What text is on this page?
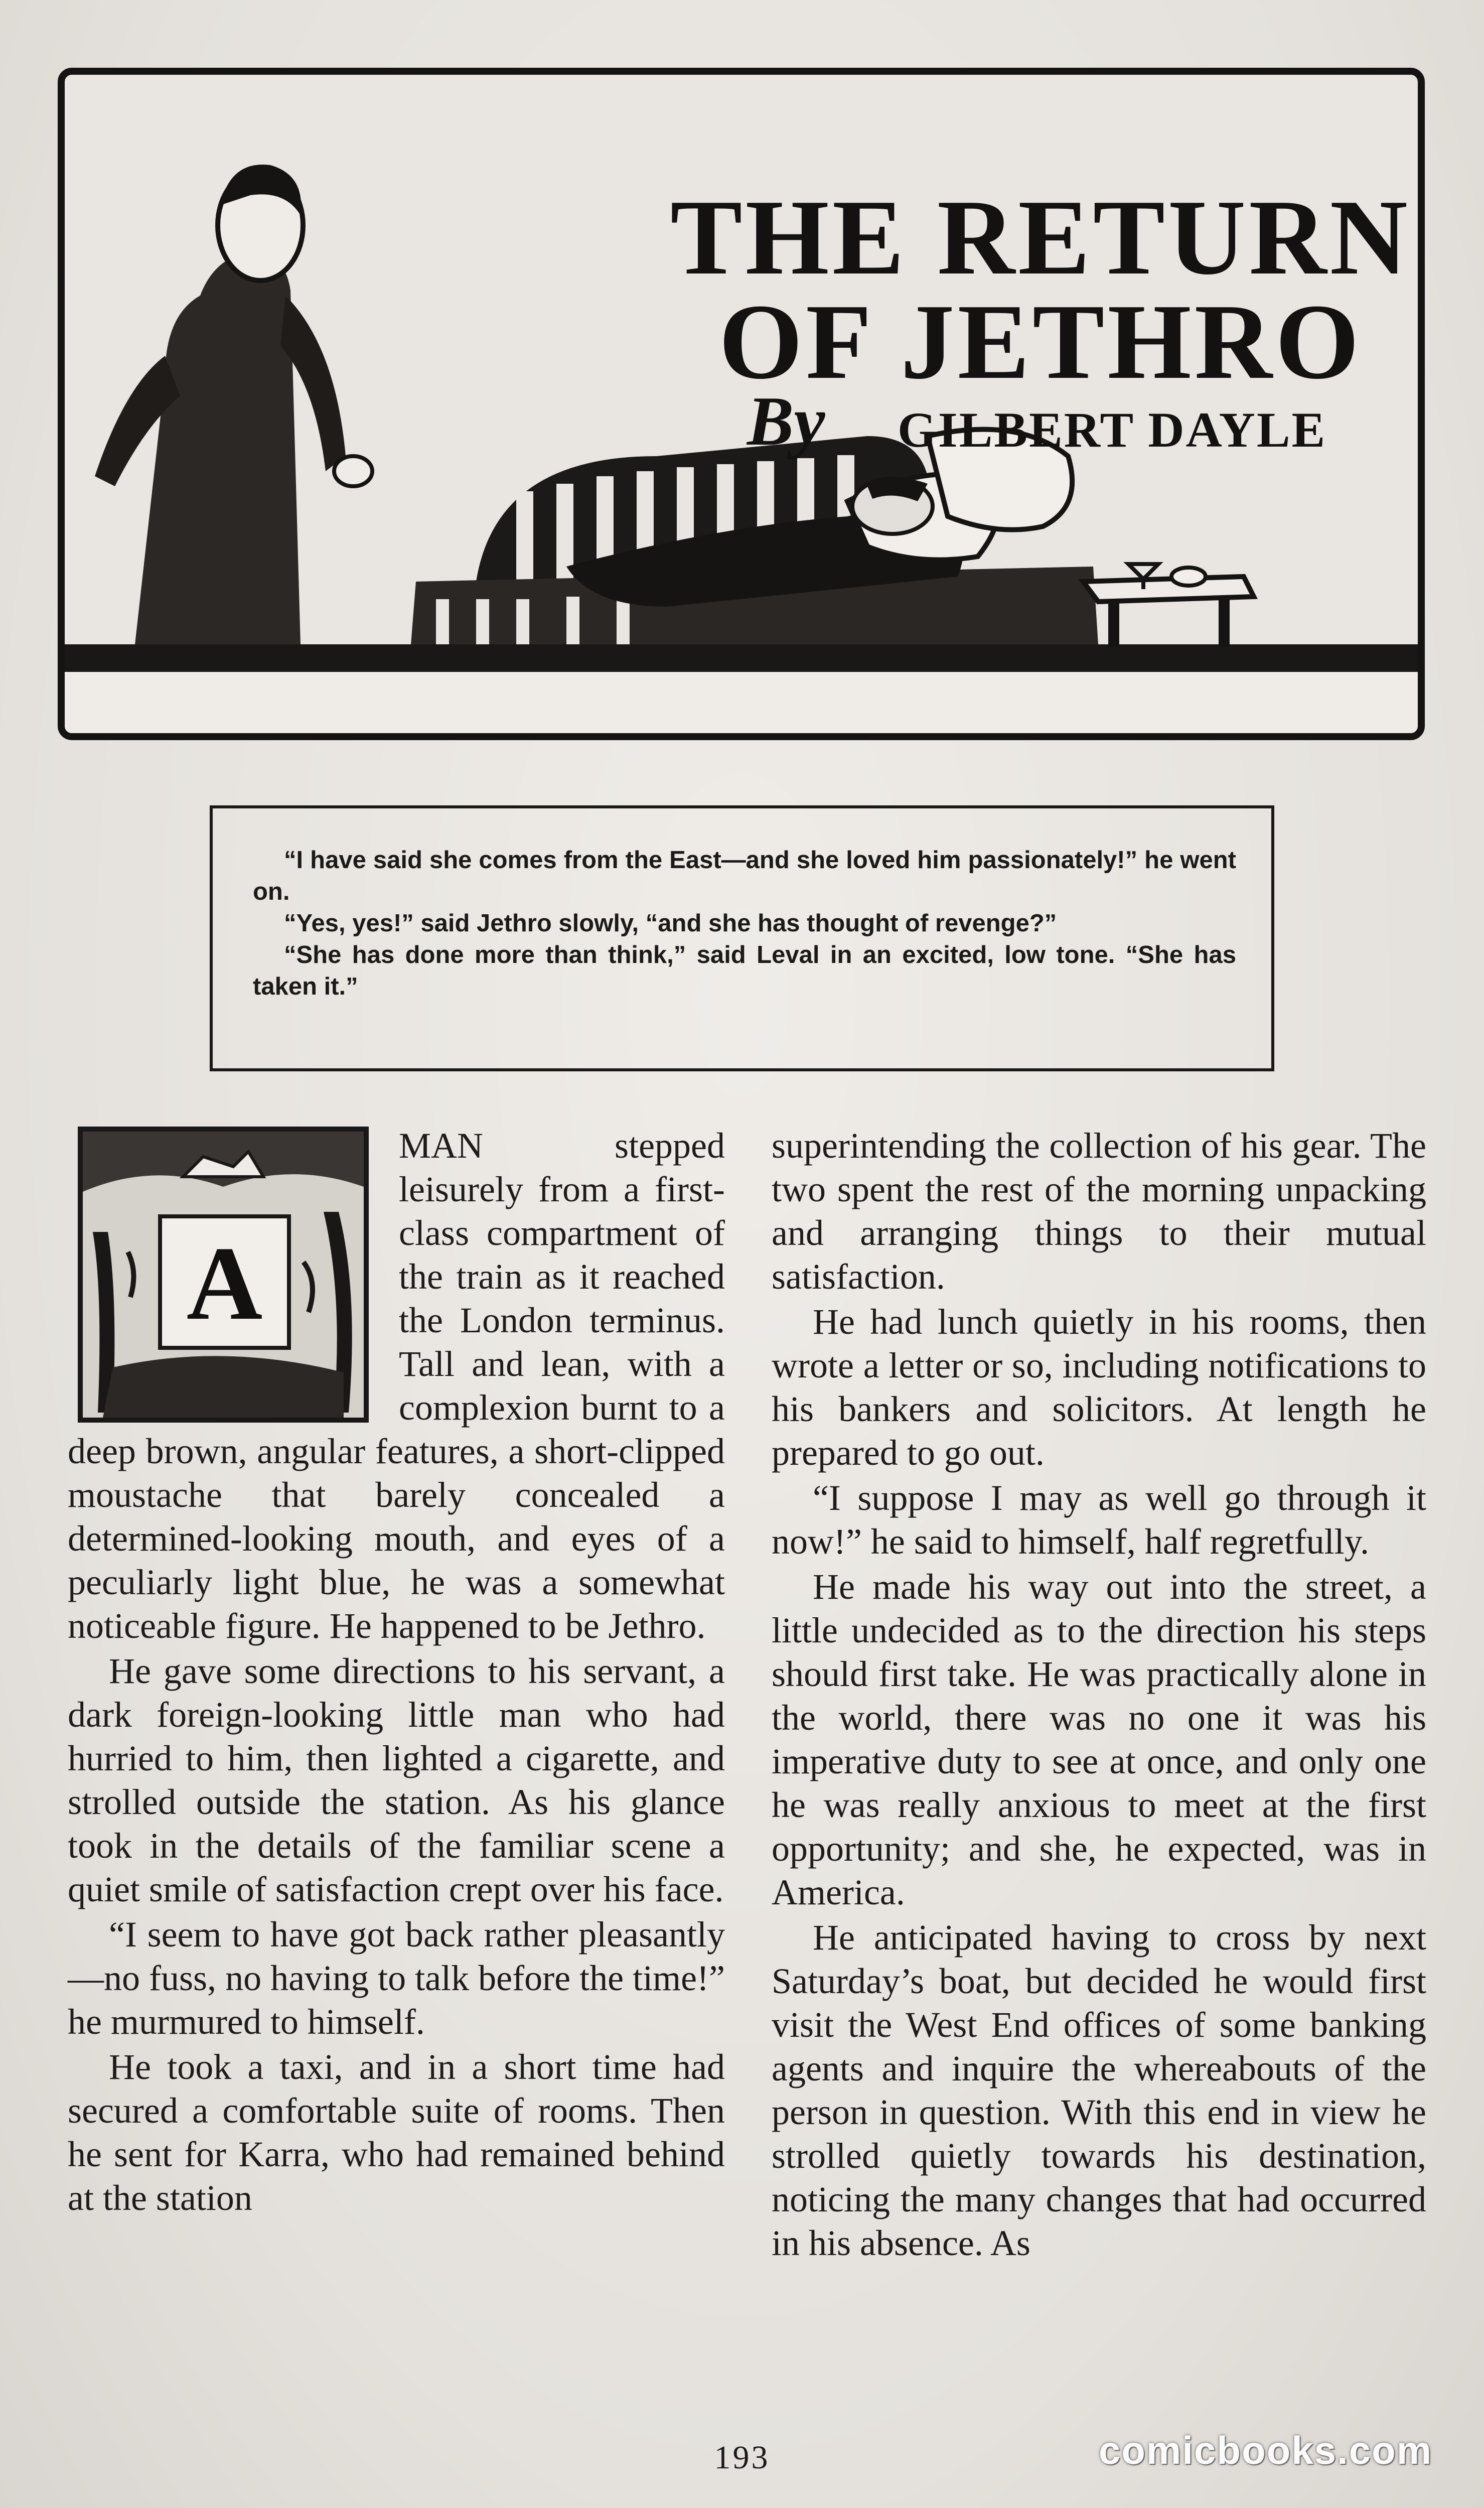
THE RETURN
OF JETHRO
By GILBERT DAYLE

“I have said she comes from the East—and she loved him passionately!” he went on.

“Yes, yes!” said Jethro slowly, “and she has thought of revenge?”

“She has done more than think,” said Leval in an excited, low tone. “She has taken it.”

A

MAN stepped leisurely from a first-class compartment of the train as it reached the London terminus. Tall and lean, with a complexion burnt to a deep brown, angular features, a short-clipped moustache that barely concealed a determined-looking mouth, and eyes of a peculiarly light blue, he was a somewhat noticeable figure. He happened to be Jethro.

He gave some directions to his servant, a dark foreign-looking little man who had hurried to him, then lighted a cigarette, and strolled outside the station. As his glance took in the details of the familiar scene a quiet smile of satisfaction crept over his face.

“I seem to have got back rather pleasantly—no fuss, no having to talk before the time!” he murmured to himself.

He took a taxi, and in a short time had secured a comfortable suite of rooms. Then he sent for Karra, who had remained behind at the station

superintending the collection of his gear. The two spent the rest of the morning unpacking and arranging things to their mutual satisfaction.

He had lunch quietly in his rooms, then wrote a letter or so, including notifications to his bankers and solicitors. At length he prepared to go out.

“I suppose I may as well go through it now!” he said to himself, half regretfully.

He made his way out into the street, a little undecided as to the direction his steps should first take. He was practically alone in the world, there was no one it was his imperative duty to see at once, and only one he was really anxious to meet at the first opportunity; and she, he expected, was in America.

He anticipated having to cross by next Saturday’s boat, but decided he would first visit the West End offices of some banking agents and inquire the whereabouts of the person in question. With this end in view he strolled quietly towards his destination, noticing the many changes that had occurred in his absence. As

193	comicbooks.com
